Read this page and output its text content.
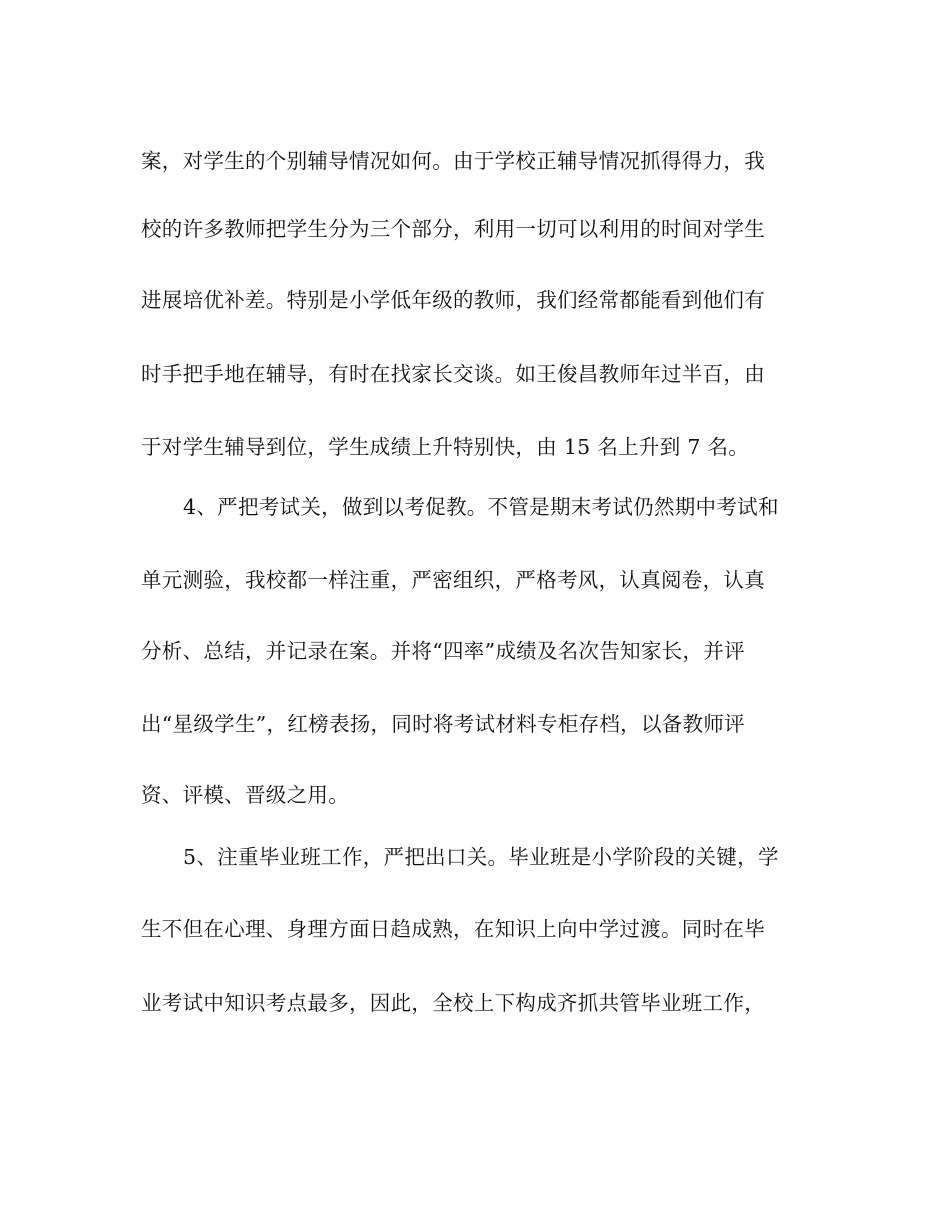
案，对学生的个别辅导情况如何。由于学校正辅导情况抓得得力，我
校的许多教师把学生分为三个部分，利用一切可以利用的时间对学生
进展培优补差。特别是小学低年级的教师，我们经常都能看到他们有
时手把手地在辅导，有时在找家长交谈。如王俊昌教师年过半百，由
于对学生辅导到位，学生成绩上升特别快，由 15 名上升到 7 名。
4、严把考试关，做到以考促教。不管是期末考试仍然期中考试和
单元测验，我校都一样注重，严密组织，严格考风，认真阅卷，认真
分析、总结，并记录在案。并将“四率”成绩及名次告知家长，并评
出“星级学生”，红榜表扬，同时将考试材料专柜存档，以备教师评
资、评模、晋级之用。
5、注重毕业班工作，严把出口关。毕业班是小学阶段的关键，学
生不但在心理、身理方面日趋成熟，在知识上向中学过渡。同时在毕
业考试中知识考点最多，因此，全校上下构成齐抓共管毕业班工作，
